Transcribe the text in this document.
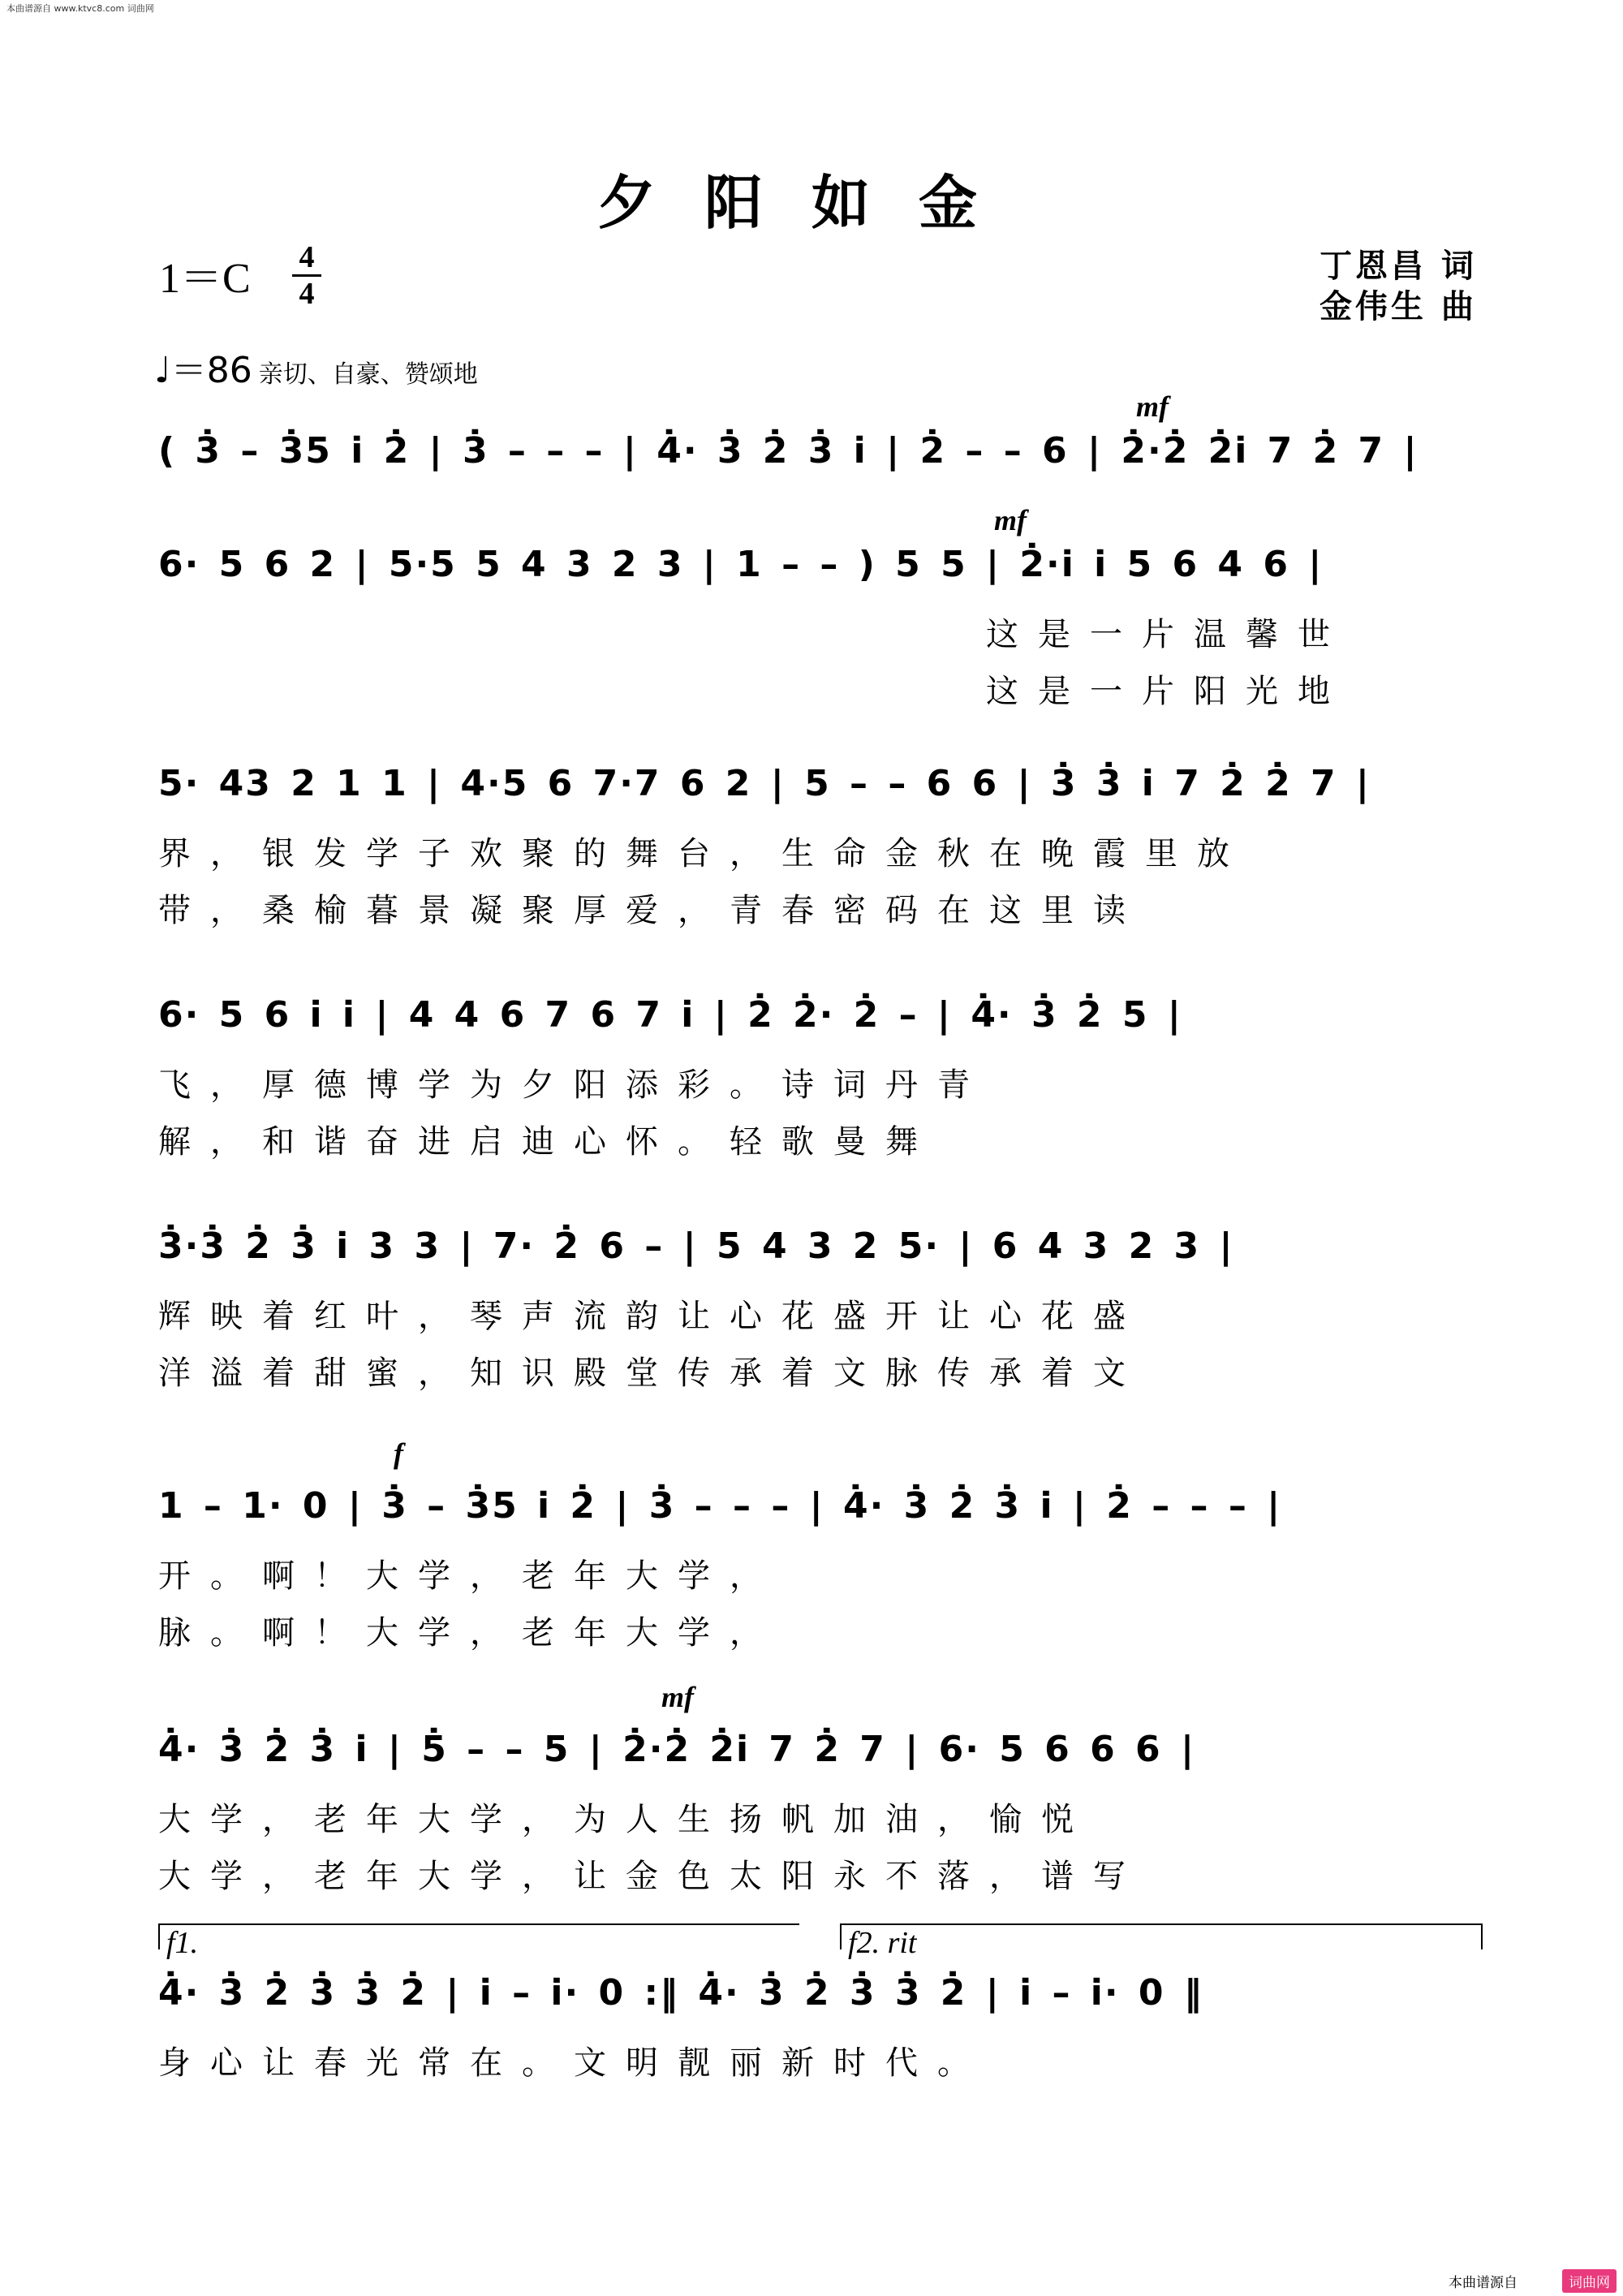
本曲谱源自 www.ktvc8.com 词曲网
夕阳如金
丁恩昌 词
金伟生 曲
1＝C 4
4
♩＝86 亲切、自豪、赞颂地
mf
( 3̇ – 3̇5 i̇ 2̇ | 3̇ – – – | 4̇· 3̇ 2̇ 3̇ i̇ | 2̇ – – 6 | 2̇·2̇ 2̇i̇ 7 2̇ 7 |
mf
6· 5 6 2 | 5·5 5 4 3 2 3 | 1 – – ) 5 5 | 2̇·i̇ i̇ 5 6 4 6 |
这是一片温馨世
这是一片阳光地
5· 43 2 1 1 | 4·5 6 7·7 6 2 | 5 – – 6 6 | 3̇ 3̇ i̇ 7 2̇ 2̇ 7 |
界，银发学子欢聚的舞台，生命金秋在晚霞里放
带，桑榆暮景凝聚厚爱，青春密码在这里读
6· 5 6 i̇ i̇ | 4 4 6 7 6 7 i̇ | 2̇ 2̇· 2̇ – | 4̇· 3̇ 2̇ 5 |
飞，厚德博学为夕阳添彩。诗词丹青
解，和谐奋进启迪心怀。轻歌曼舞
3̇·3̇ 2̇ 3̇ i̇ 3 3 | 7· 2̇ 6 – | 5 4 3 2 5· | 6 4 3 2 3 |
辉映着红叶，琴声流韵让心花盛开让心花盛
洋溢着甜蜜，知识殿堂传承着文脉传承着文
f
1 – 1· 0 | 3̇ – 3̇5 i̇ 2̇ | 3̇ – – – | 4̇· 3̇ 2̇ 3̇ i̇ | 2̇ – – – |
开。啊！大学，老年大学，
脉。啊！大学，老年大学，
mf
4̇· 3̇ 2̇ 3̇ i̇ | 5̇ – – 5 | 2̇·2̇ 2̇i̇ 7 2̇ 7 | 6· 5 6 6 6 |
大学，老年大学，为人生扬帆加油，愉悦
大学，老年大学，让金色太阳永不落，谱写
f1.	f2. rit
4̇· 3̇ 2̇ 3̇ 3̇ 2̇ | i̇ – i̇· 0 :‖ 4̇· 3̇ 2̇ 3̇ 3̇ 2̇ | i̇ – i̇· 0 ‖
身心让春光常在。文明靓丽新时代。
本曲谱源自	词曲网
